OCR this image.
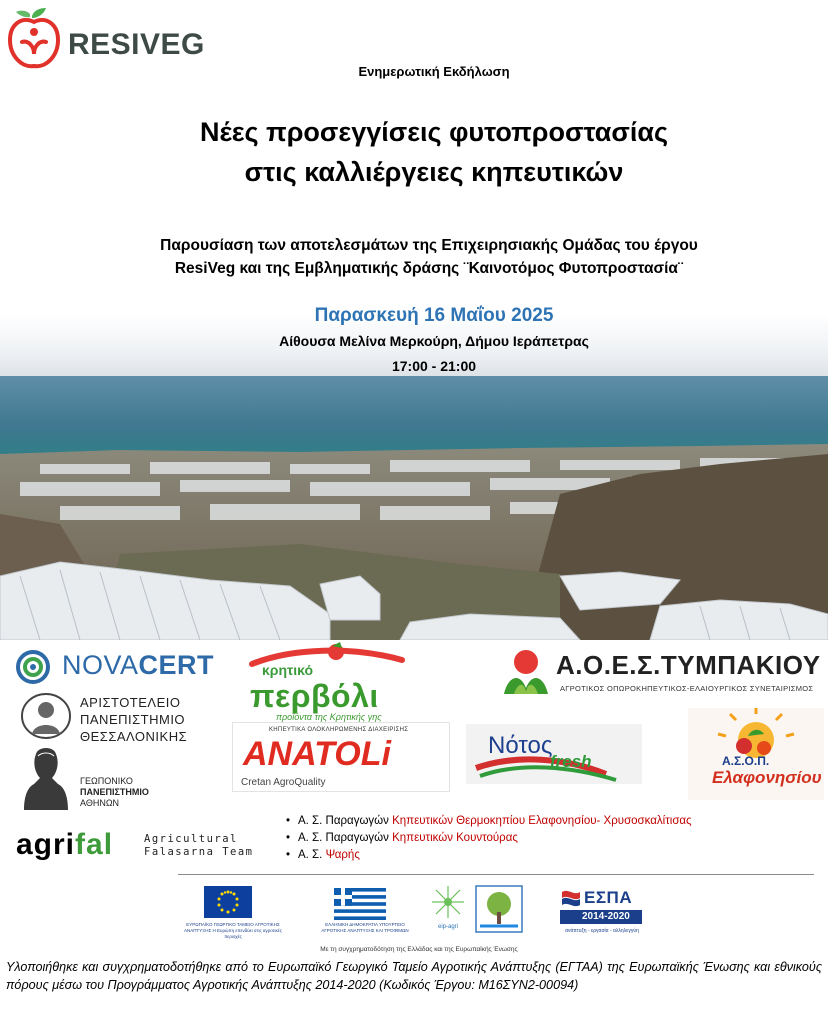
RESIVEG
Ενημερωτική Εκδήλωση
Νέες προσεγγίσεις φυτοπροστασίας
στις καλλιέργειες κηπευτικών
Παρουσίαση των αποτελεσμάτων της Επιχειρησιακής Ομάδας του έργου
ResiVeg και της Εμβληματικής δράσης ¨Καινοτόμος Φυτοπροστασία¨
Παρασκευή 16 Μαΐου 2025
Αίθουσα Μελίνα Μερκούρη, Δήμου Ιεράπετρας
17:00 - 21:00
NOVACERT
ΑΡΙΣΤΟΤΕΛΕΙΟ
ΠΑΝΕΠΙΣΤΗΜΙΟ
ΘΕΣΣΑΛΟΝΙΚΗΣ
ΓΕΩΠΟΝΙΚΟ
ΠΑΝΕΠΙΣΤΗΜΙΟ
ΑΘΗΝΩΝ
agrifal	Agricultural
Falasarna Team
κρητικό
περβόλι
προϊόντα της Κρητικής γης
ΚΗΠΕΥΤΙΚΑ ΟΛΟΚΛΗΡΩΜΕΝΗΣ ΔΙΑΧΕΙΡΙΣΗΣ
ANATOLi
Cretan AgroQuality
Α.Ο.Ε.Σ.ΤΥΜΠΑΚΙΟΥ
ΑΓΡΟΤΙΚΟΣ ΟΠΩΡΟΚΗΠΕΥΤΙΚΟΣ-ΕΛΑΙΟΥΡΓΙΚΟΣ ΣΥΝΕΤΑΙΡΙΣΜΟΣ
Νότος
fresh	Α.Σ.Ο.Π.
Ελαφονησίου
• Α. Σ. Παραγωγών Κηπευτικών Θερμοκηπίου Ελαφονησίου- Χρυσοσκαλίτισας
• Α. Σ. Παραγωγών Κηπευτικών Κουντούρας
• Α. Σ. Ψαρής
ΕΥΡΩΠΑΪΚΟ ΓΕΩΡΓΙΚΟ ΤΑΜΕΙΟ ΑΓΡΟΤΙΚΗΣ ΑΝΑΠΤΥΞΗΣ Η Ευρώπη επενδύει στις αγροτικές περιοχές
ΕΛΛΗΝΙΚΗ ΔΗΜΟΚΡΑΤΙΑ ΥΠΟΥΡΓΕΙΟ ΑΓΡΟΤΙΚΗΣ ΑΝΑΠΤΥΞΗΣ ΚΑΙ ΤΡΟΦΙΜΩΝ
eip-agri
ΕΣΠΑ
2014-2020
ανάπτυξη - εργασία - αλληλεγγύη
Με τη συγχρηματοδότηση της Ελλάδας και της Ευρωπαϊκής Ένωσης
Υλοποιήθηκε και συγχρηματοδοτήθηκε από το Ευρωπαϊκό Γεωργικό Ταμείο Αγροτικής Ανάπτυξης (ΕΓΤΑΑ) της Ευρωπαϊκής Ένωσης και εθνικούς πόρους μέσω του Προγράμματος Αγροτικής Ανάπτυξης 2014-2020 (Κωδικός Έργου: Μ16ΣΥΝ2-00094)
